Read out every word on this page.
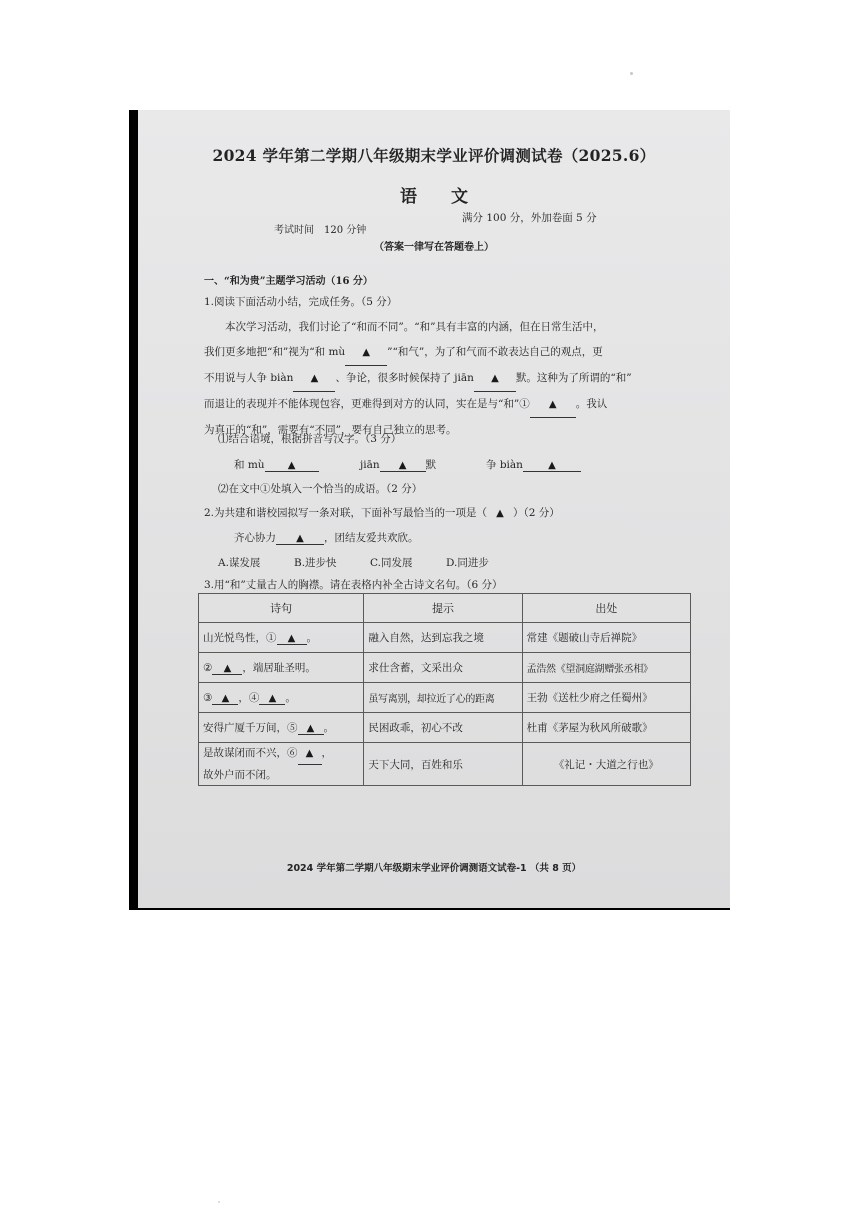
2024 学年第二学期八年级期末学业评价调测试卷（2025.6）
语 文
考试时间　120 分钟
满分 100 分，外加卷面 5 分
（答案一律写在答题卷上）
一、“和为贵”主题学习活动（16 分）
1.阅读下面活动小结，完成任务。（5 分）

本次学习活动，我们讨论了“和而不同”。“和”具有丰富的内涵，但在日常生活中，

我们更多地把“和”视为“和 mù ▲ ”“和气”，为了和气而不敢表达自己的观点，更
不用说与人争 biàn ▲ 、争论，很多时候保持了 jiān ▲ 默。这种为了所谓的“和”
而退让的表现并不能体现包容，更难得到对方的认同，实在是与“和”① ▲ 。我认
为真正的“和”，需要有“不同”，要有自己独立的思考。
⑴结合语境，根据拼音写汉字。（3 分）
和 mù ▲	jiān ▲ 默	争 biàn	▲
⑵在文中①处填入一个恰当的成语。（2 分）
2.为共建和谐校园拟写一条对联，下面补写最恰当的一项是（ ▲ ）（2 分）
齐心协力 ▲ ，团结友爱共欢欣。
A.谋发展	B.进步快	C.同发展	D.同进步
3.用“和”丈量古人的胸襟。请在表格内补全古诗文名句。（6 分）
诗句	提示	出处
山光悦鸟性，① ▲ 。	融入自然，达到忘我之境	常建《题破山寺后禅院》
② ▲ ，端居耻圣明。	求仕含蓄，文采出众	孟浩然《望洞庭湖赠张丞相》
③ ▲ ，④ ▲ 。	虽写离别，却拉近了心的距离	王勃《送杜少府之任蜀州》
安得广厦千万间，⑤ ▲ 。	民困政乖，初心不改	杜甫《茅屋为秋风所破歌》
是故谋闭而不兴，⑥ ▲ ，
故外户而不闭。	天下大同，百姓和乐	《礼记・大道之行也》
2024 学年第二学期八年级期末学业评价调测语文试卷-1 （共 8 页）
